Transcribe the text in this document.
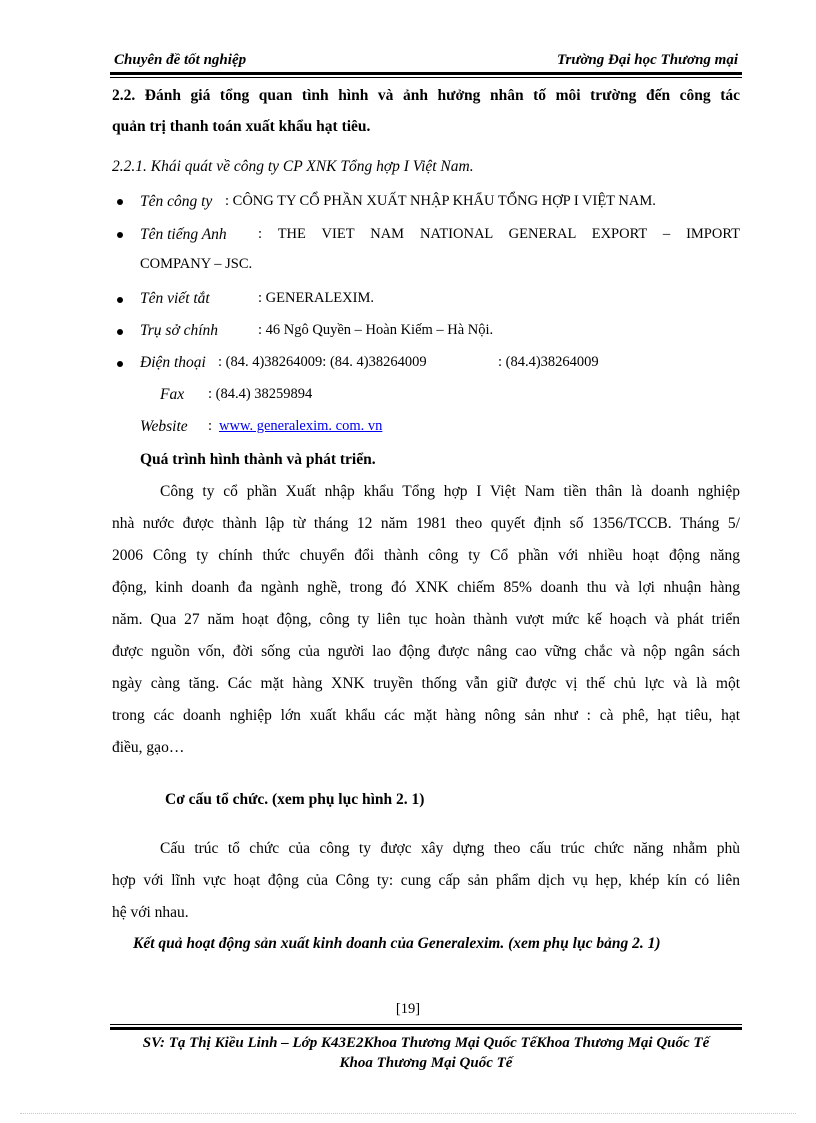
Chuyên đề tốt nghiệp	Trường Đại học Thương mại
2.2. Đánh giá tổng quan tình hình và ảnh hưởng nhân tố môi trường đến công tác
quản trị thanh toán xuất khẩu hạt tiêu.
2.2.1. Khái quát về công ty CP XNK Tổng hợp I Việt Nam.
Tên công ty : CÔNG TY CỔ PHẦN XUẤT NHẬP KHẨU TỔNG HỢP I VIỆT NAM.
Tên tiếng Anh : THE VIET NAM NATIONAL GENERAL EXPORT – IMPORT
COMPANY – JSC.
Tên viết tắt	: GENERALEXIM.
Trụ sở chính	: 46 Ngô Quyền – Hoàn Kiếm – Hà Nội.
Điện thoại : (84. 4)38264009: (84. 4)38264009	: (84.4)38264009
Fax : (84.4) 38259894
Website : www. generalexim. com. vn
Quá trình hình thành và phát triển.
Công ty cổ phần Xuất nhập khẩu Tổng hợp I Việt Nam tiền thân là doanh nghiệp
nhà nước được thành lập từ tháng 12 năm 1981 theo quyết định số 1356/TCCB. Tháng 5/
2006 Công ty chính thức chuyển đổi thành công ty Cổ phần với nhiều hoạt động năng
động, kinh doanh đa ngành nghề, trong đó XNK chiếm 85% doanh thu và lợi nhuận hàng
năm. Qua 27 năm hoạt động, công ty liên tục hoàn thành vượt mức kế hoạch và phát triển
được nguồn vốn, đời sống của người lao động được nâng cao vững chắc và nộp ngân sách
ngày càng tăng. Các mặt hàng XNK truyền thống vẫn giữ được vị thế chủ lực và là một
trong các doanh nghiệp lớn xuất khẩu các mặt hàng nông sản như : cà phê, hạt tiêu, hạt
điều, gạo…
Cơ cấu tổ chức. (xem phụ lục hình 2. 1)
Cấu trúc tổ chức của công ty được xây dựng theo cấu trúc chức năng nhằm phù
hợp với lĩnh vực hoạt động của Công ty: cung cấp sản phẩm dịch vụ hẹp, khép kín có liên
hệ với nhau.
Kết quả hoạt động sản xuất kinh doanh của Generalexim. (xem phụ lục bảng 2. 1)
[19]
SV: Tạ Thị Kiều Linh – Lớp K43E2Khoa Thương Mại Quốc TếKhoa Thương Mại Quốc Tế
Khoa Thương Mại Quốc Tế
